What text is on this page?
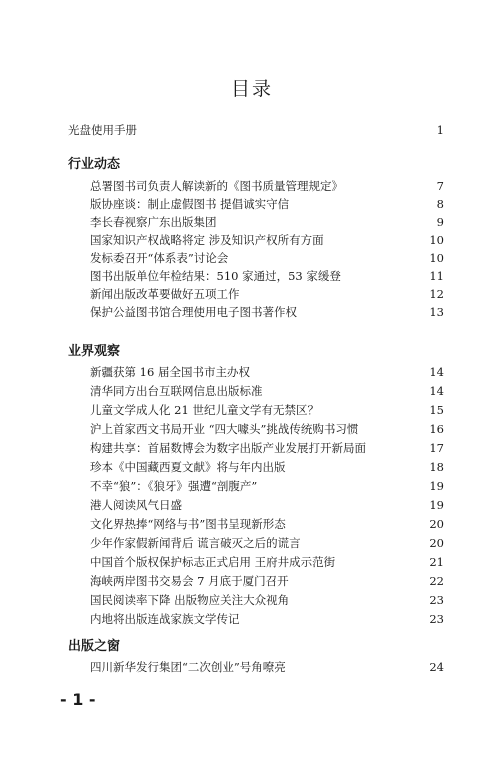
目录
光盘使用手册	1
行业动态
总署图书司负责人解读新的《图书质量管理规定》	7
版协座谈：制止虚假图书 提倡诚实守信	8
李长春视察广东出版集团	9
国家知识产权战略将定 涉及知识产权所有方面	10
发标委召开“体系表”讨论会	10
图书出版单位年检结果：510 家通过，53 家缓登	11
新闻出版改革要做好五项工作	12
保护公益图书馆合理使用电子图书著作权	13
业界观察
新疆获第 16 届全国书市主办权	14
清华同方出台互联网信息出版标准	14
儿童文学成人化 21 世纪儿童文学有无禁区？	15
沪上首家西文书局开业 “四大噱头”挑战传统购书习惯	16
构建共享：首届数博会为数字出版产业发展打开新局面	17
珍本《中国藏西夏文献》将与年内出版	18
不幸“狼”：《狼牙》强遭“剖腹产”	19
港人阅读风气日盛	19
文化界热捧“网络与书”图书呈现新形态	20
少年作家假新闻背后 谎言破灭之后的谎言	20
中国首个版权保护标志正式启用 王府井成示范街	21
海峡两岸图书交易会 7 月底于厦门召开	22
国民阅读率下降 出版物应关注大众视角	23
内地将出版连战家族文学传记	23
出版之窗
四川新华发行集团“二次创业”号角嘹亮	24
- 1 -
